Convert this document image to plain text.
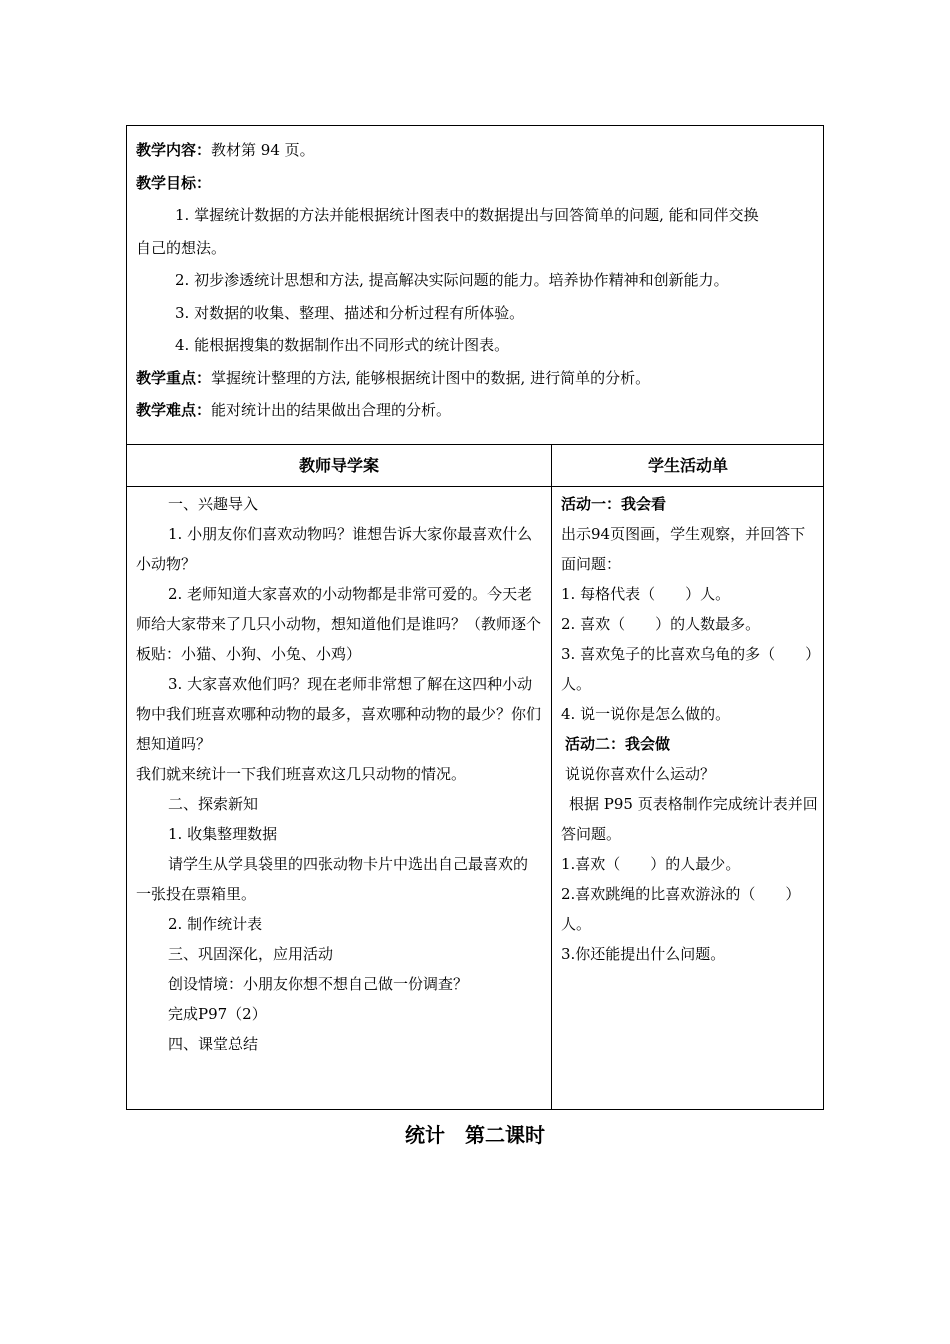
教学内容：教材第 94 页。
教学目标：
1. 掌握统计数据的方法并能根据统计图表中的数据提出与回答简单的问题, 能和同伴交换
自己的想法。
2. 初步渗透统计思想和方法, 提高解决实际问题的能力。培养协作精神和创新能力。
3. 对数据的收集、整理、描述和分析过程有所体验。
4. 能根据搜集的数据制作出不同形式的统计图表。
教学重点：掌握统计整理的方法, 能够根据统计图中的数据, 进行简单的分析。
教学难点：能对统计出的结果做出合理的分析。
教师导学案	学生活动单
一、兴趣导入
1. 小朋友你们喜欢动物吗？谁想告诉大家你最喜欢什么小动物？
2. 老师知道大家喜欢的小动物都是非常可爱的。今天老师给大家带来了几只小动物，想知道他们是谁吗？（教师逐个板贴：小猫、小狗、小兔、小鸡）
3. 大家喜欢他们吗？现在老师非常想了解在这四种小动物中我们班喜欢哪种动物的最多，喜欢哪种动物的最少？你们想知道吗？
我们就来统计一下我们班喜欢这几只动物的情况。
二、探索新知
1. 收集整理数据
请学生从学具袋里的四张动物卡片中选出自己最喜欢的一张投在票箱里。
2. 制作统计表
三、巩固深化，应用活动
创设情境：小朋友你想不想自己做一份调查？
完成P97（2）
四、课堂总结
活动一：我会看
出示94页图画，学生观察，并回答下面问题：
1. 每格代表（　　）人。
2. 喜欢（　　）的人数最多。
3. 喜欢兔子的比喜欢乌龟的多（　　）人。
4. 说一说你是怎么做的。
活动二：我会做
说说你喜欢什么运动？
根据 P95 页表格制作完成统计表并回答问题。
1.喜欢（　　）的人最少。
2.喜欢跳绳的比喜欢游泳的（　　）人。
3.你还能提出什么问题。
统计　第二课时
